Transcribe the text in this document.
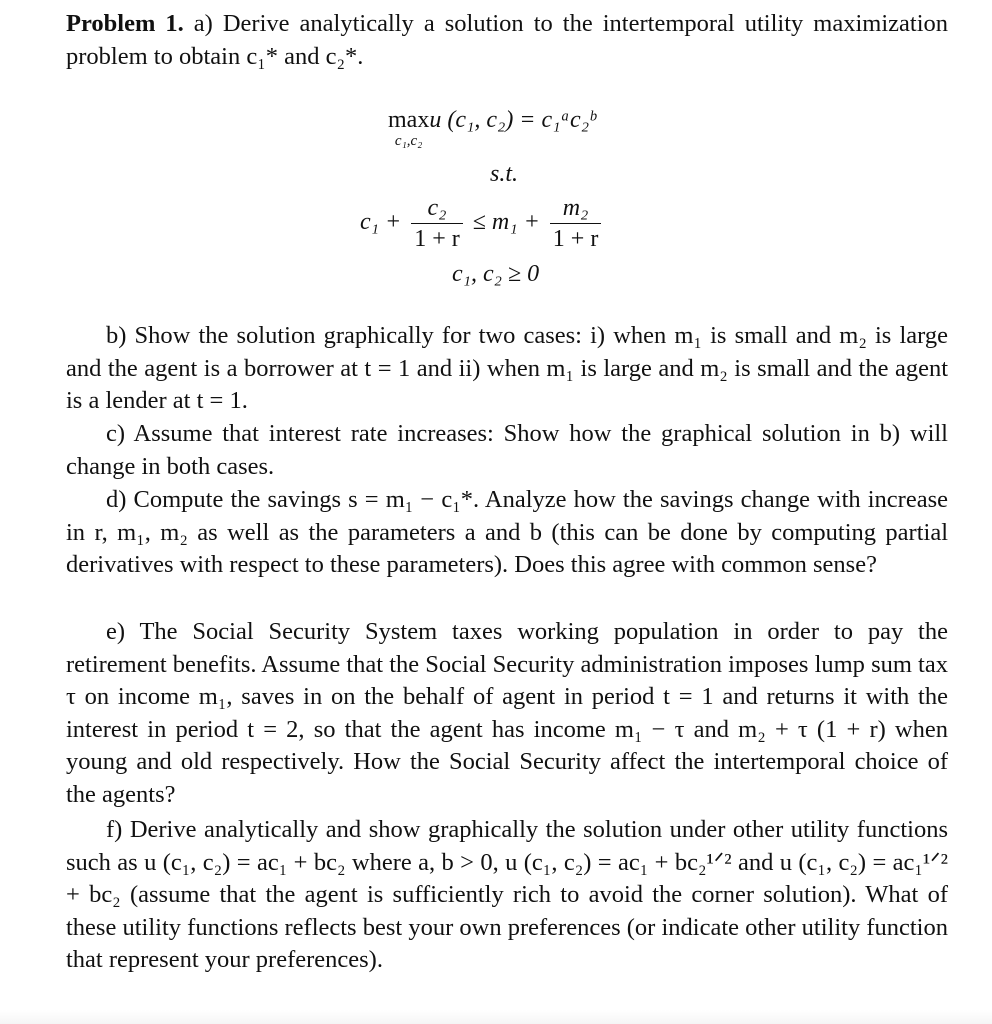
Problem 1. a) Derive analytically a solution to the intertemporal utility maximization problem to obtain c₁* and c₂*.
max
c₁,c₂
u (c₁, c₂) = c₁ᵃc₂ᵇ
s.t.
$c_1 + \frac{\text{c₂}}{1 + r} \le m_1 + \frac{\text{m₂}}{1 + r}$
c₁, c₂ ≥ 0
b) Show the solution graphically for two cases: i) when m₁ is small and m₂ is large and the agent is a borrower at t = 1 and ii) when m₁ is large and m₂ is small and the agent is a lender at t = 1.
c) Assume that interest rate increases: Show how the graphical solution in b) will change in both cases.
d) Compute the savings s = m₁ − c₁*. Analyze how the savings change with increase in r, m₁, m₂ as well as the parameters a and b (this can be done by computing partial derivatives with respect to these parameters). Does this agree with common sense?
e) The Social Security System taxes working population in order to pay the retirement benefits. Assume that the Social Security administration imposes lump sum tax τ on income m₁, saves in on the behalf of agent in period t = 1 and returns it with the interest in period t = 2, so that the agent has income m₁ − τ and m₂ + τ (1 + r) when young and old respectively. How the Social Security affect the intertemporal choice of the agents?
f) Derive analytically and show graphically the solution under other utility functions such as u (c₁, c₂) = ac₁ + bc₂ where a, b > 0, u (c₁, c₂) = ac₁ + bc₂¹ᐟ² and u (c₁, c₂) = ac₁¹ᐟ² + bc₂ (assume that the agent is sufficiently rich to avoid the corner solution). What of these utility functions reflects best your own preferences (or indicate other utility function that represent your preferences).
